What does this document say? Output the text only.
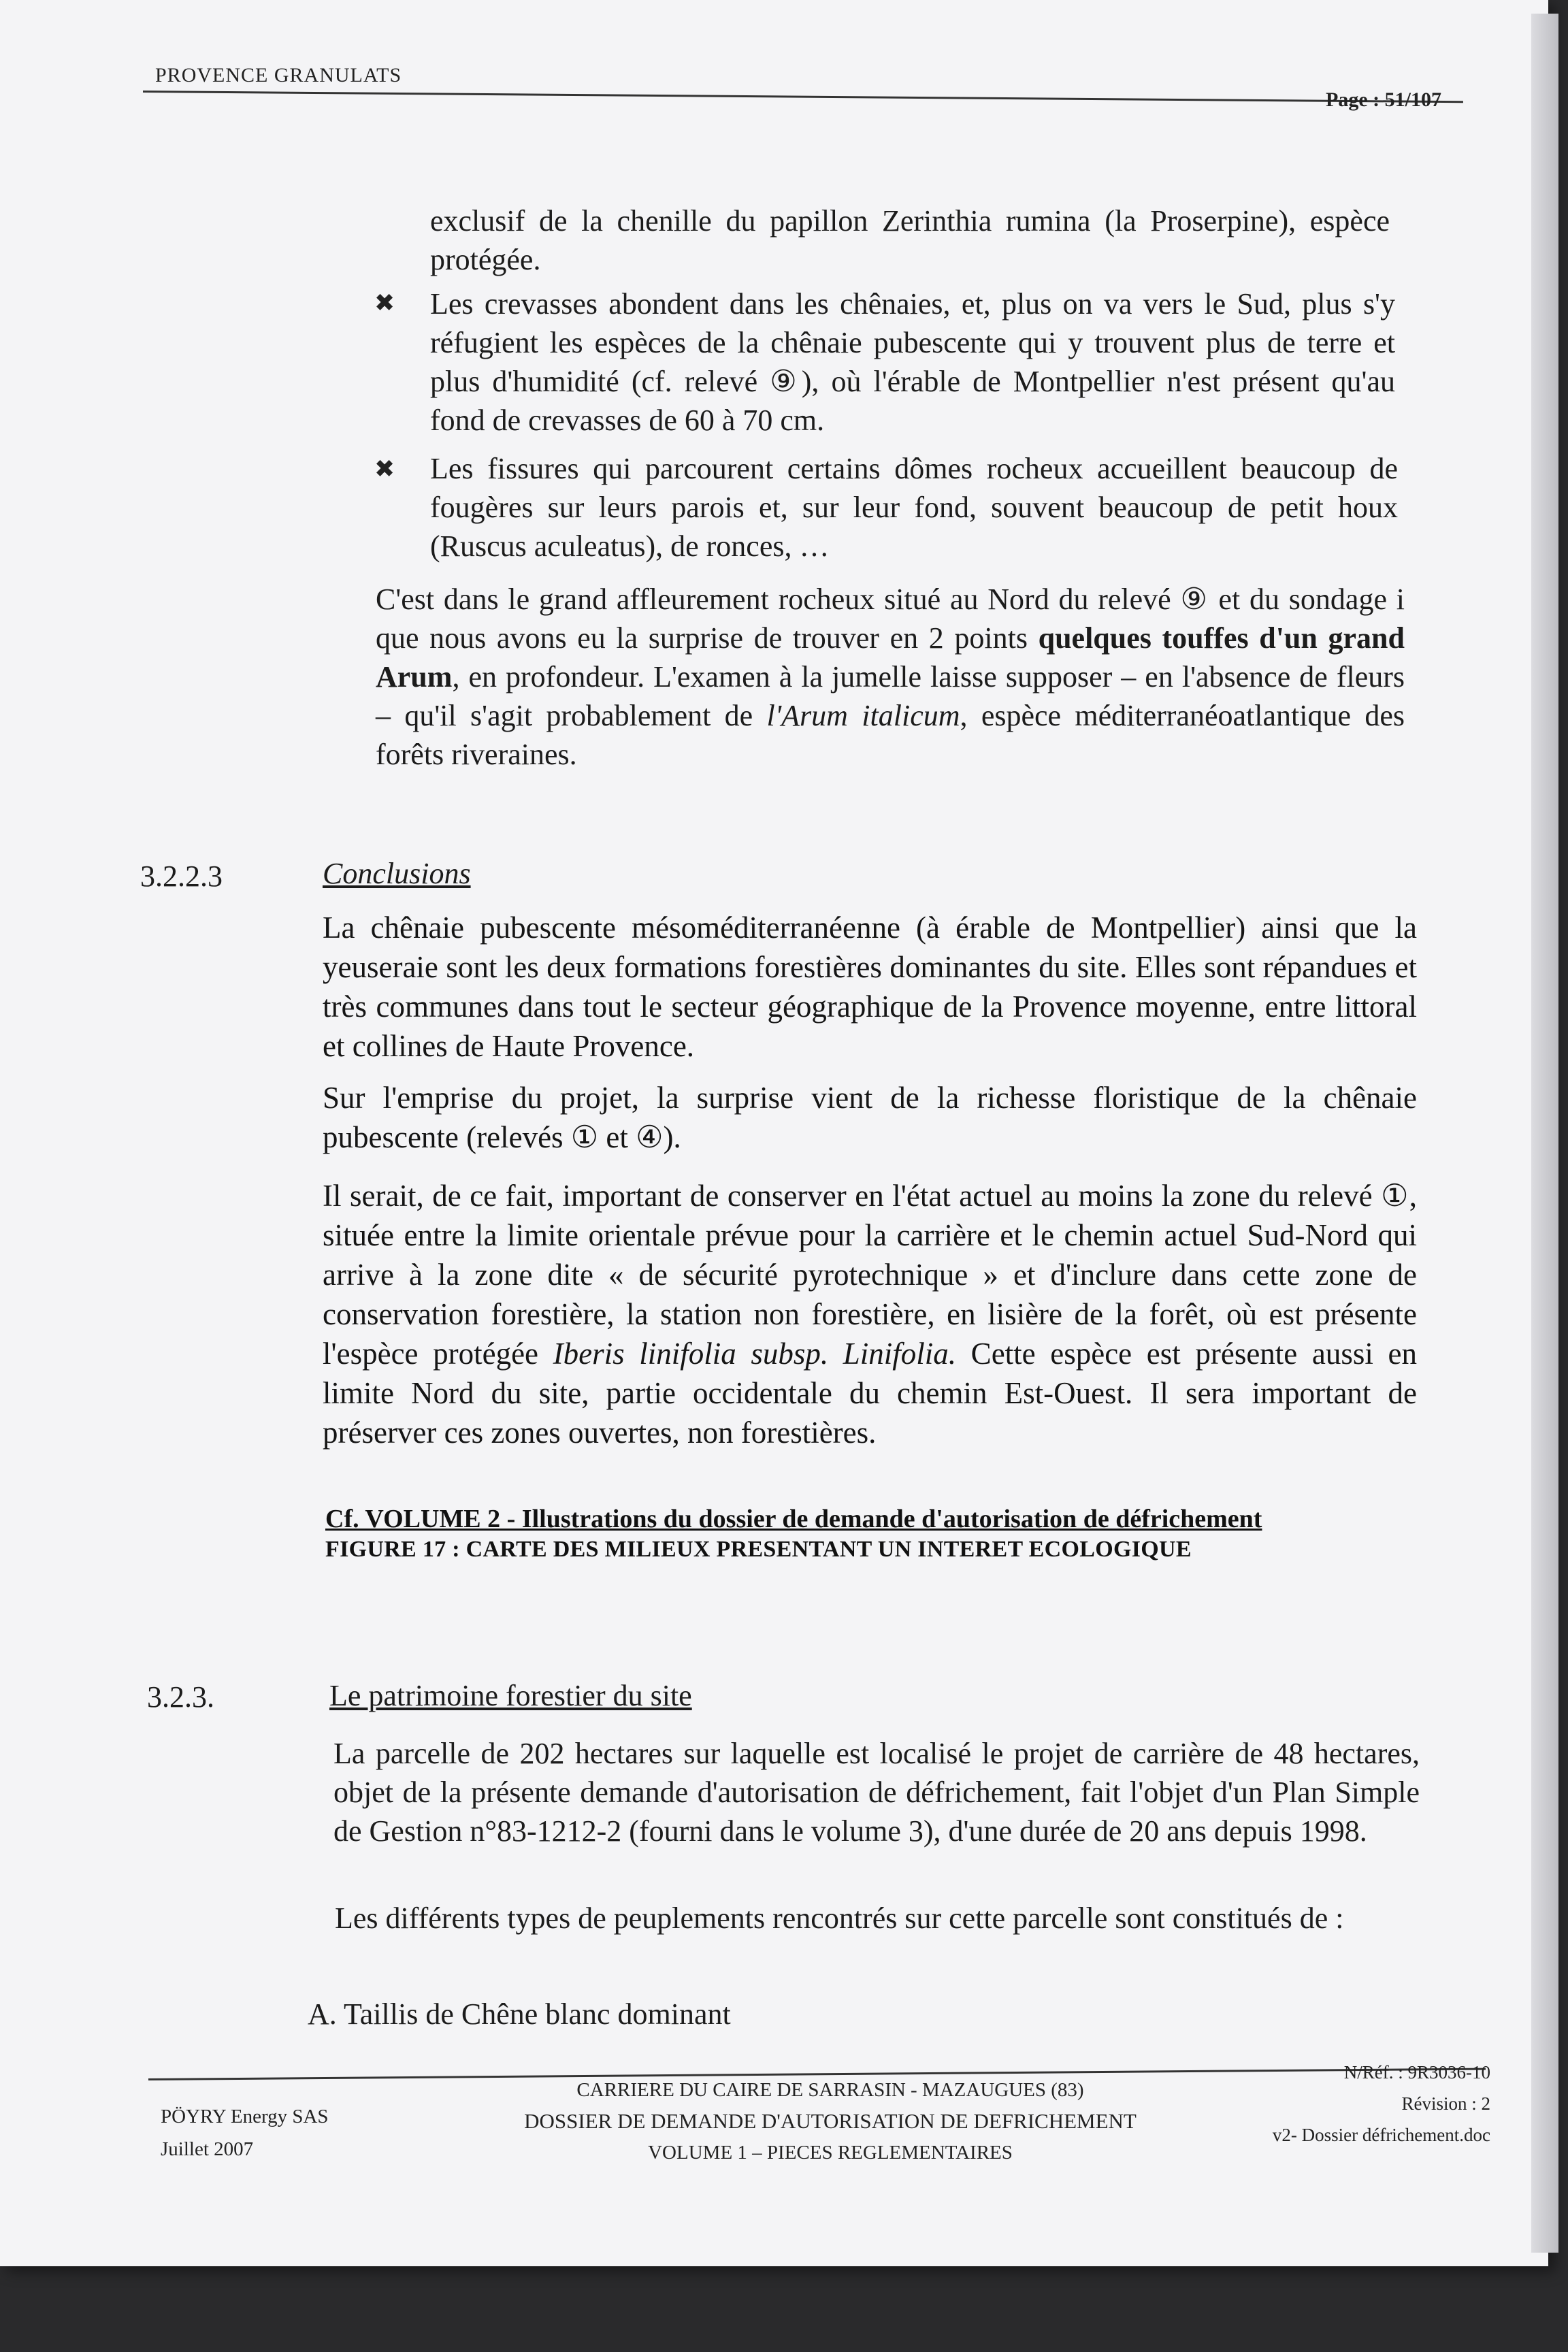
PROVENCE GRANULATS
Page : 51/107
exclusif de la chenille du papillon Zerinthia rumina (la Proserpine), espèce protégée.
✖ Les crevasses abondent dans les chênaies, et, plus on va vers le Sud, plus s'y réfugient les espèces de la chênaie pubescente qui y trouvent plus de terre et plus d'humidité (cf. relevé ⑨), où l'érable de Montpellier n'est présent qu'au fond de crevasses de 60 à 70 cm.
✖ Les fissures qui parcourent certains dômes rocheux accueillent beaucoup de fougères sur leurs parois et, sur leur fond, souvent beaucoup de petit houx (Ruscus aculeatus), de ronces, …
C'est dans le grand affleurement rocheux situé au Nord du relevé ⑨ et du sondage i que nous avons eu la surprise de trouver en 2 points quelques touffes d'un grand Arum, en profondeur. L'examen à la jumelle laisse supposer – en l'absence de fleurs – qu'il s'agit probablement de l'Arum italicum, espèce méditerranéoatlantique des forêts riveraines.
3.2.2.3	Conclusions
La chênaie pubescente mésoméditerranéenne (à érable de Montpellier) ainsi que la yeuseraie sont les deux formations forestières dominantes du site. Elles sont répandues et très communes dans tout le secteur géographique de la Provence moyenne, entre littoral et collines de Haute Provence.
Sur l'emprise du projet, la surprise vient de la richesse floristique de la chênaie pubescente (relevés ① et ④).
Il serait, de ce fait, important de conserver en l'état actuel au moins la zone du relevé ①, située entre la limite orientale prévue pour la carrière et le chemin actuel Sud-Nord qui arrive à la zone dite « de sécurité pyrotechnique » et d'inclure dans cette zone de conservation forestière, la station non forestière, en lisière de la forêt, où est présente l'espèce protégée Iberis linifolia subsp. Linifolia. Cette espèce est présente aussi en limite Nord du site, partie occidentale du chemin Est-Ouest. Il sera important de préserver ces zones ouvertes, non forestières.
Cf. VOLUME 2 - Illustrations du dossier de demande d'autorisation de défrichement
FIGURE 17 : CARTE DES MILIEUX PRESENTANT UN INTERET ECOLOGIQUE
3.2.3.	Le patrimoine forestier du site
La parcelle de 202 hectares sur laquelle est localisé le projet de carrière de 48 hectares, objet de la présente demande d'autorisation de défrichement, fait l'objet d'un Plan Simple de Gestion n°83-1212-2 (fourni dans le volume 3), d'une durée de 20 ans depuis 1998.
Les différents types de peuplements rencontrés sur cette parcelle sont constitués de :
A. Taillis de Chêne blanc dominant
PÖYRY Energy SAS
Juillet 2007
CARRIERE DU CAIRE DE SARRASIN - MAZAUGUES (83)
DOSSIER DE DEMANDE D'AUTORISATION DE DEFRICHEMENT
VOLUME 1 – PIECES REGLEMENTAIRES
N/Réf. : 9R3036-10
Révision : 2
v2- Dossier défrichement.doc
